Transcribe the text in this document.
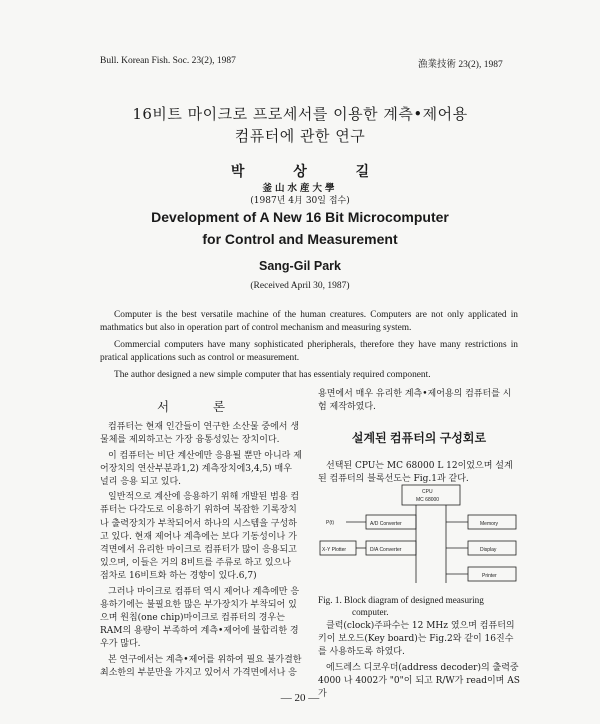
Bull. Korean Fish. Soc. 23(2), 1987	漁業技術 23(2), 1987
16비트 마이크로 프로세서를 이용한 계측•제어용
컴퓨터에 관한 연구
박 상 길
釜山水産大學
(1987년 4月 30일 접수)
Development of A New 16 Bit Microcomputer
for Control and Measurement
Sang-Gil Park
(Received April 30, 1987)

Computer is the best versatile machine of the human creatures. Computers are not only applicated in mathmatics but also in operation part of control mechanism and measuring system.

Commercial computers have many sophisticated pheripherals, therefore they have many restrictions in pratical applications such as control or measurement.

The author designed a new simple computer that has essentialy required component.

서 론

컴퓨터는 현재 인간들이 연구한 소산물 중에서 생물체를 제외하고는 가장 융통성있는 장치이다.

이 컴퓨터는 비단 계산에만 응용될 뿐만 아니라 제어장치의 연산부분과1,2) 계측장치에3,4,5) 매우 널리 응용 되고 있다.

일반적으로 계산에 응용하기 위해 개발된 범용 컴퓨터는 다각도로 이용하기 위하여 복잡한 기록장치나 출력장치가 부착되어서 하나의 시스템을 구성하고 있다. 현재 제어나 계측에는 보다 기동성이나 가격면에서 유리한 마이크로 컴퓨터가 많이 응용되고 있으며, 이들은 거의 8비트를 주류로 하고 있으나 점차로 16비트화 하는 경향이 있다.6,7)

그러나 마이크로 컴퓨터 역시 제어나 계측에만 응용하기에는 불필요한 많은 부가장치가 부착되어 있으며 원칩(one chip)마이크로 컴퓨터의 경우는 RAM의 용량이 부족하여 계측•제어에 불합리한 경우가 많다.

본 연구에서는 계측•제어를 위하여 필요 불가결한 최소한의 부분만을 가지고 있어서 가격면에서나 응

용면에서 매우 유리한 계측•제어용의 컴퓨터를 시험 제작하였다.

설계된 컴퓨터의 구성회로

선택된 CPU는 MC 68000 L 12이었으며 설계된 컴퓨터의 블록선도는 Fig.1과 같다.

CPU
MC 68000
A/D Converter	Memory
P(t)
D/A Converter
X-Y Plotter	Display
Printer
Fig. 1. Block diagram of designed measuring
computer.

클럭(clock)주파수는 12 MHz 였으며 컴퓨터의 키이 보오드(Key board)는 Fig.2와 같이 16진수를 사용하도록 하였다.

에드레스 디코우더(address decoder)의 출력중 4000 나 4002가 "0"이 되고 R/W가 read이며 AS가

— 20 —
